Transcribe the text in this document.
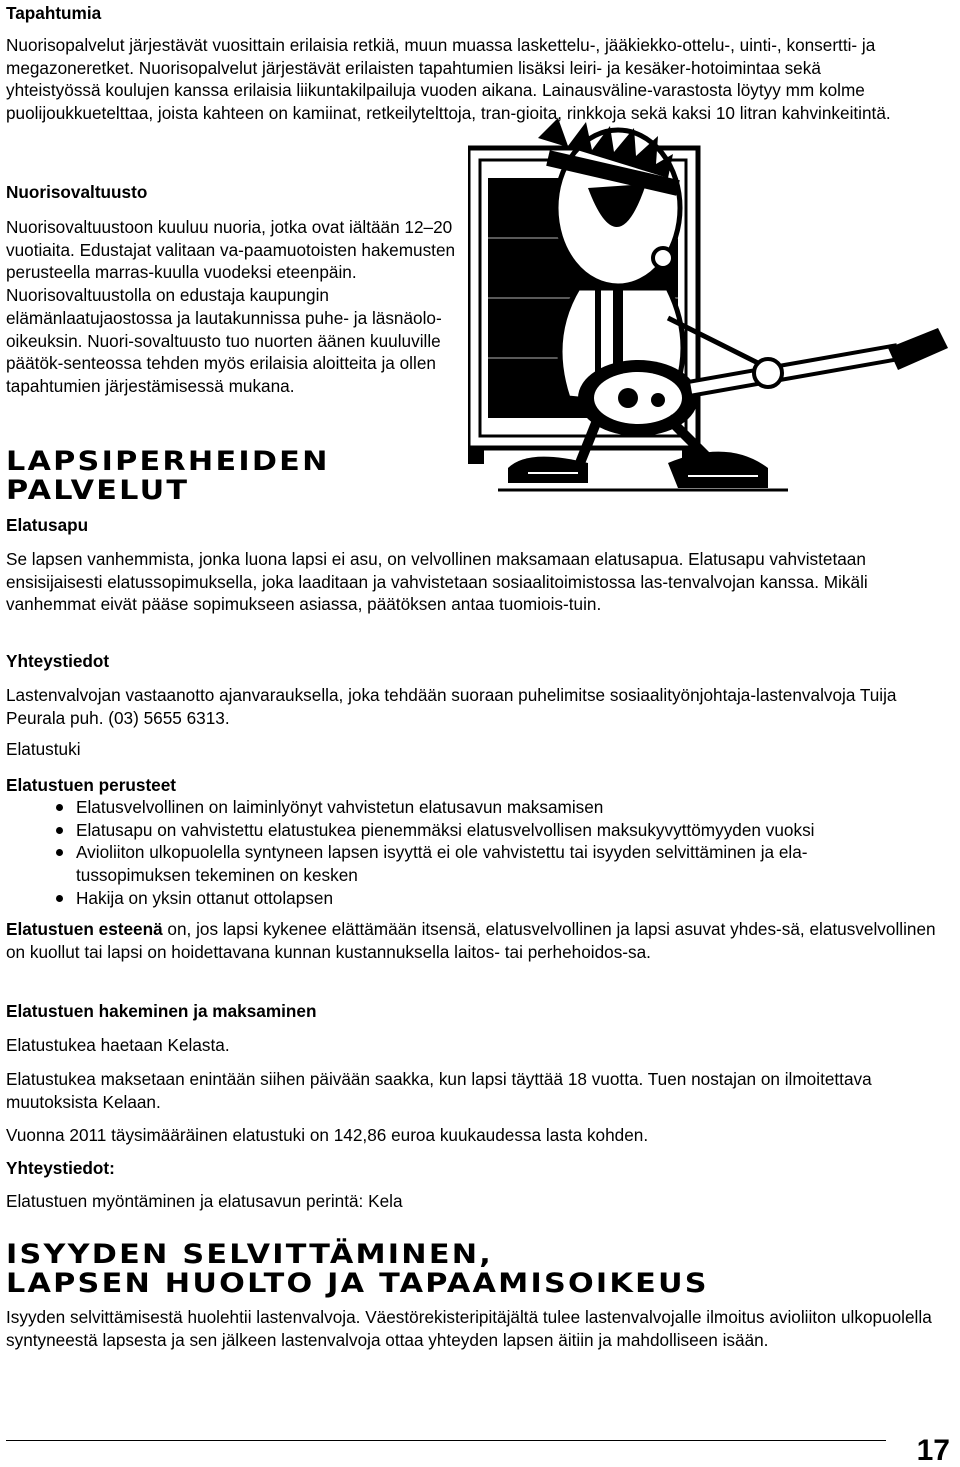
Tapahtumia

Nuorisopalvelut järjestävät vuosittain erilaisia retkiä, muun muassa laskettelu-, jääkiekko-ottelu-, uinti-, konsertti- ja megazoneretket. Nuorisopalvelut järjestävät erilaisten tapahtumien lisäksi leiri- ja kesäker-hotoimintaa sekä yhteistyössä koulujen kanssa erilaisia liikuntakilpailuja vuoden aikana. Lainausväline-varastosta löytyy mm kolme puolijoukkuetelttaa, joista kahteen on kamiinat, retkeilytelttoja, tran-gioita, rinkkoja sekä kaksi 10 litran kahvinkeitintä.

Nuorisovaltuusto

Nuorisovaltuustoon kuuluu nuoria, jotka ovat iältään 12–20 vuotiaita. Edustajat valitaan va-paamuotoisten hakemusten perusteella marras-kuulla vuodeksi eteenpäin. Nuorisovaltuustolla on edustaja kaupungin elämänlaatujaostossa ja lautakunnissa puhe- ja läsnäolo-oikeuksin. Nuori-sovaltuusto tuo nuorten äänen kuuluville päätök-senteossa tehden myös erilaisia aloitteita ja ollen tapahtumien järjestämisessä mukana.

LAPSIPERHEIDEN
PALVELUT
Elatusapu

Se lapsen vanhemmista, jonka luona lapsi ei asu, on velvollinen maksamaan elatusapua. Elatusapu vahvistetaan ensisijaisesti elatussopimuksella, joka laaditaan ja vahvistetaan sosiaalitoimistossa las-tenvalvojan kanssa. Mikäli vanhemmat eivät pääse sopimukseen asiassa, päätöksen antaa tuomiois-tuin.

Yhteystiedot

Lastenvalvojan vastaanotto ajanvarauksella, joka tehdään suoraan puhelimitse sosiaalityönjohtaja-lastenvalvoja Tuija Peurala puh. (03) 5655 6313.

Elatustuki
Elatustuen perusteet
Elatusvelvollinen on laiminlyönyt vahvistetun elatusavun maksamisen
Elatusapu on vahvistettu elatustukea pienemmäksi elatusvelvollisen maksukyvyttömyyden vuoksi
Avioliiton ulkopuolella syntyneen lapsen isyyttä ei ole vahvistettu tai isyyden selvittäminen ja ela-tussopimuksen tekeminen on kesken
Hakija on yksin ottanut ottolapsen

Elatustuen esteenä on, jos lapsi kykenee elättämään itsensä, elatusvelvollinen ja lapsi asuvat yhdes-sä, elatusvelvollinen on kuollut tai lapsi on hoidettavana kunnan kustannuksella laitos- tai perhehoidos-sa.

Elatustuen hakeminen ja maksaminen

Elatustukea haetaan Kelasta.

Elatustukea maksetaan enintään siihen päivään saakka, kun lapsi täyttää 18 vuotta. Tuen nostajan on ilmoitettava muutoksista Kelaan.

Vuonna 2011 täysimääräinen elatustuki on 142,86 euroa kuukaudessa lasta kohden.

Yhteystiedot:

Elatustuen myöntäminen ja elatusavun perintä: Kela

ISYYDEN SELVITTÄMINEN,
LAPSEN HUOLTO JA TAPAAMISOIKEUS

Isyyden selvittämisestä huolehtii lastenvalvoja. Väestörekisteripitäjältä tulee lastenvalvojalle ilmoitus avioliiton ulkopuolella syntyneestä lapsesta ja sen jälkeen lastenvalvoja ottaa yhteyden lapsen äitiin ja mahdolliseen isään.

17
